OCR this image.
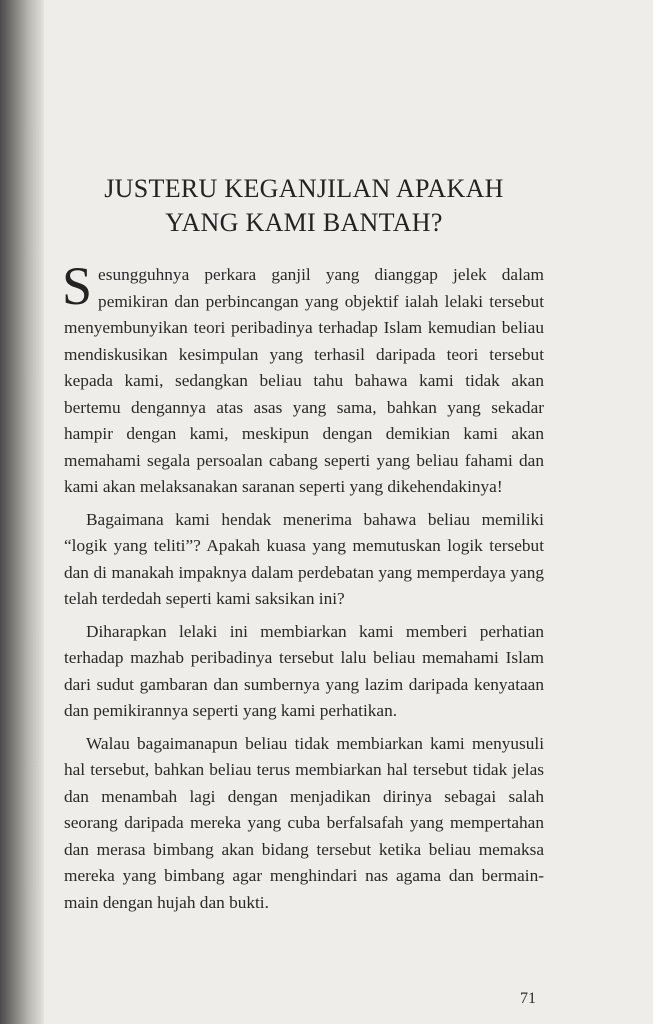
JUSTERU KEGANJILAN APAKAH
YANG KAMI BANTAH?

Sesungguhnya perkara ganjil yang dianggap jelek dalam pemikiran dan perbincangan yang objektif ialah lelaki tersebut menyembunyikan teori peribadinya terhadap Islam kemudian beliau mendiskusikan kesimpulan yang terhasil daripada teori tersebut kepada kami, sedangkan beliau tahu bahawa kami tidak akan bertemu dengannya atas asas yang sama, bahkan yang sekadar hampir dengan kami, meskipun dengan demikian kami akan memahami segala persoalan cabang seperti yang beliau fahami dan kami akan melaksanakan saranan seperti yang dikehendakinya!

Bagaimana kami hendak menerima bahawa beliau memiliki “logik yang teliti”? Apakah kuasa yang memutuskan logik tersebut dan di manakah impaknya dalam perdebatan yang memperdaya yang telah terdedah seperti kami saksikan ini?

Diharapkan lelaki ini membiarkan kami memberi perhatian terhadap mazhab peribadinya tersebut lalu beliau memahami Islam dari sudut gambaran dan sumbernya yang lazim daripada kenyataan dan pemikirannya seperti yang kami perhatikan.

Walau bagaimanapun beliau tidak membiarkan kami menyusuli hal tersebut, bahkan beliau terus membiarkan hal tersebut tidak jelas dan menambah lagi dengan menjadikan dirinya sebagai salah seorang daripada mereka yang cuba berfalsafah yang mempertahan dan merasa bimbang akan bidang tersebut ketika beliau memaksa mereka yang bimbang agar menghindari nas agama dan bermain-main dengan hujah dan bukti.

71
